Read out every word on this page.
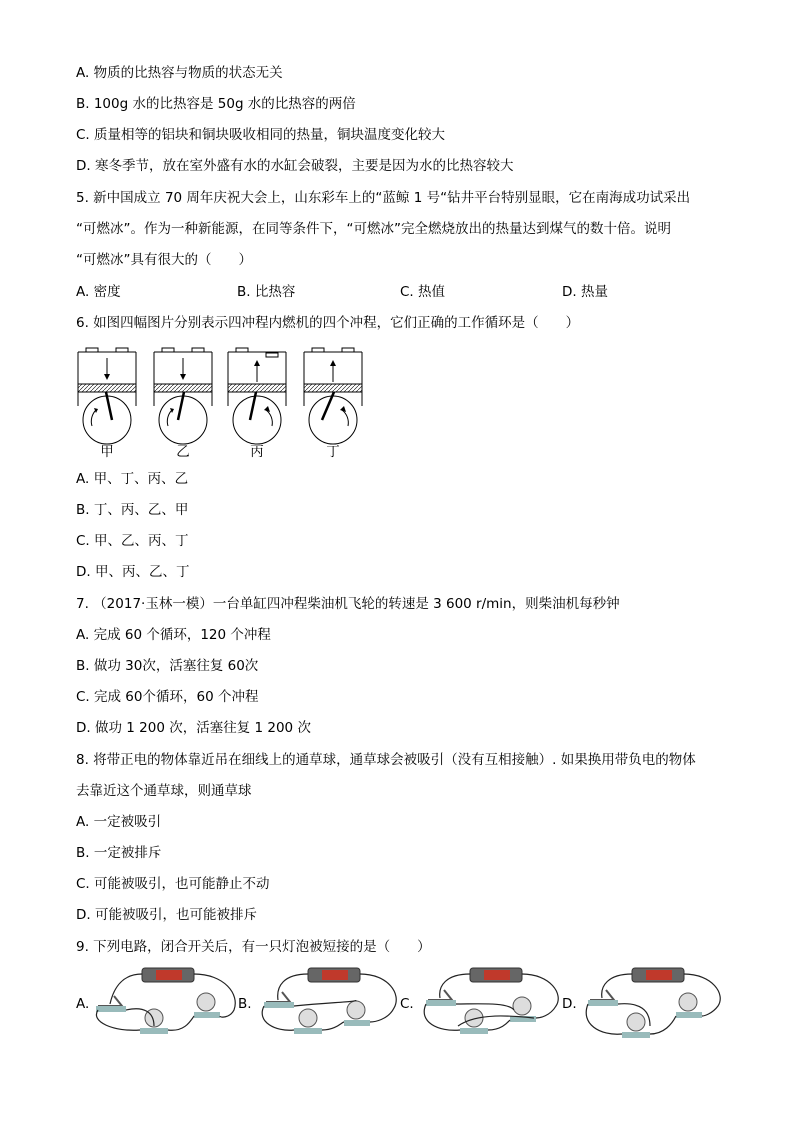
A. 物质的比热容与物质的状态无关
B. 100g 水的比热容是 50g 水的比热容的两倍
C. 质量相等的铝块和铜块吸收相同的热量，铜块温度变化较大
D. 寒冬季节，放在室外盛有水的水缸会破裂，主要是因为水的比热容较大
5. 新中国成立 70 周年庆祝大会上，山东彩车上的“蓝鲸 1 号“钻井平台特别显眼，它在南海成功试采出
“可燃冰”。作为一种新能源，在同等条件下，“可燃冰”完全燃烧放出的热量达到煤气的数十倍。说明
“可燃冰”具有很大的（　　）
A. 密度	B. 比热容	C. 热值	D. 热量
6. 如图四幅图片分别表示四冲程内燃机的四个冲程，它们正确的工作循环是（　　）
甲	乙	丙	丁
A. 甲、丁、丙、乙
B. 丁、丙、乙、甲
C. 甲、乙、丙、丁
D. 甲、丙、乙、丁
7. （2017·玉林一模）一台单缸四冲程柴油机飞轮的转速是 3 600 r/min，则柴油机每秒钟
A. 完成 60 个循环，120 个冲程
B. 做功 30次，活塞往复 60次
C. 完成 60个循环，60 个冲程
D. 做功 1 200 次，活塞往复 1 200 次
8. 将带正电的物体靠近吊在细线上的通草球，通草球会被吸引（没有互相接触）. 如果换用带负电的物体
去靠近这个通草球，则通草球
A. 一定被吸引
B. 一定被排斥
C. 可能被吸引，也可能静止不动
D. 可能被吸引，也可能被排斥
9. 下列电路，闭合开关后，有一只灯泡被短接的是（　　）
A.	B.	C.	D.
